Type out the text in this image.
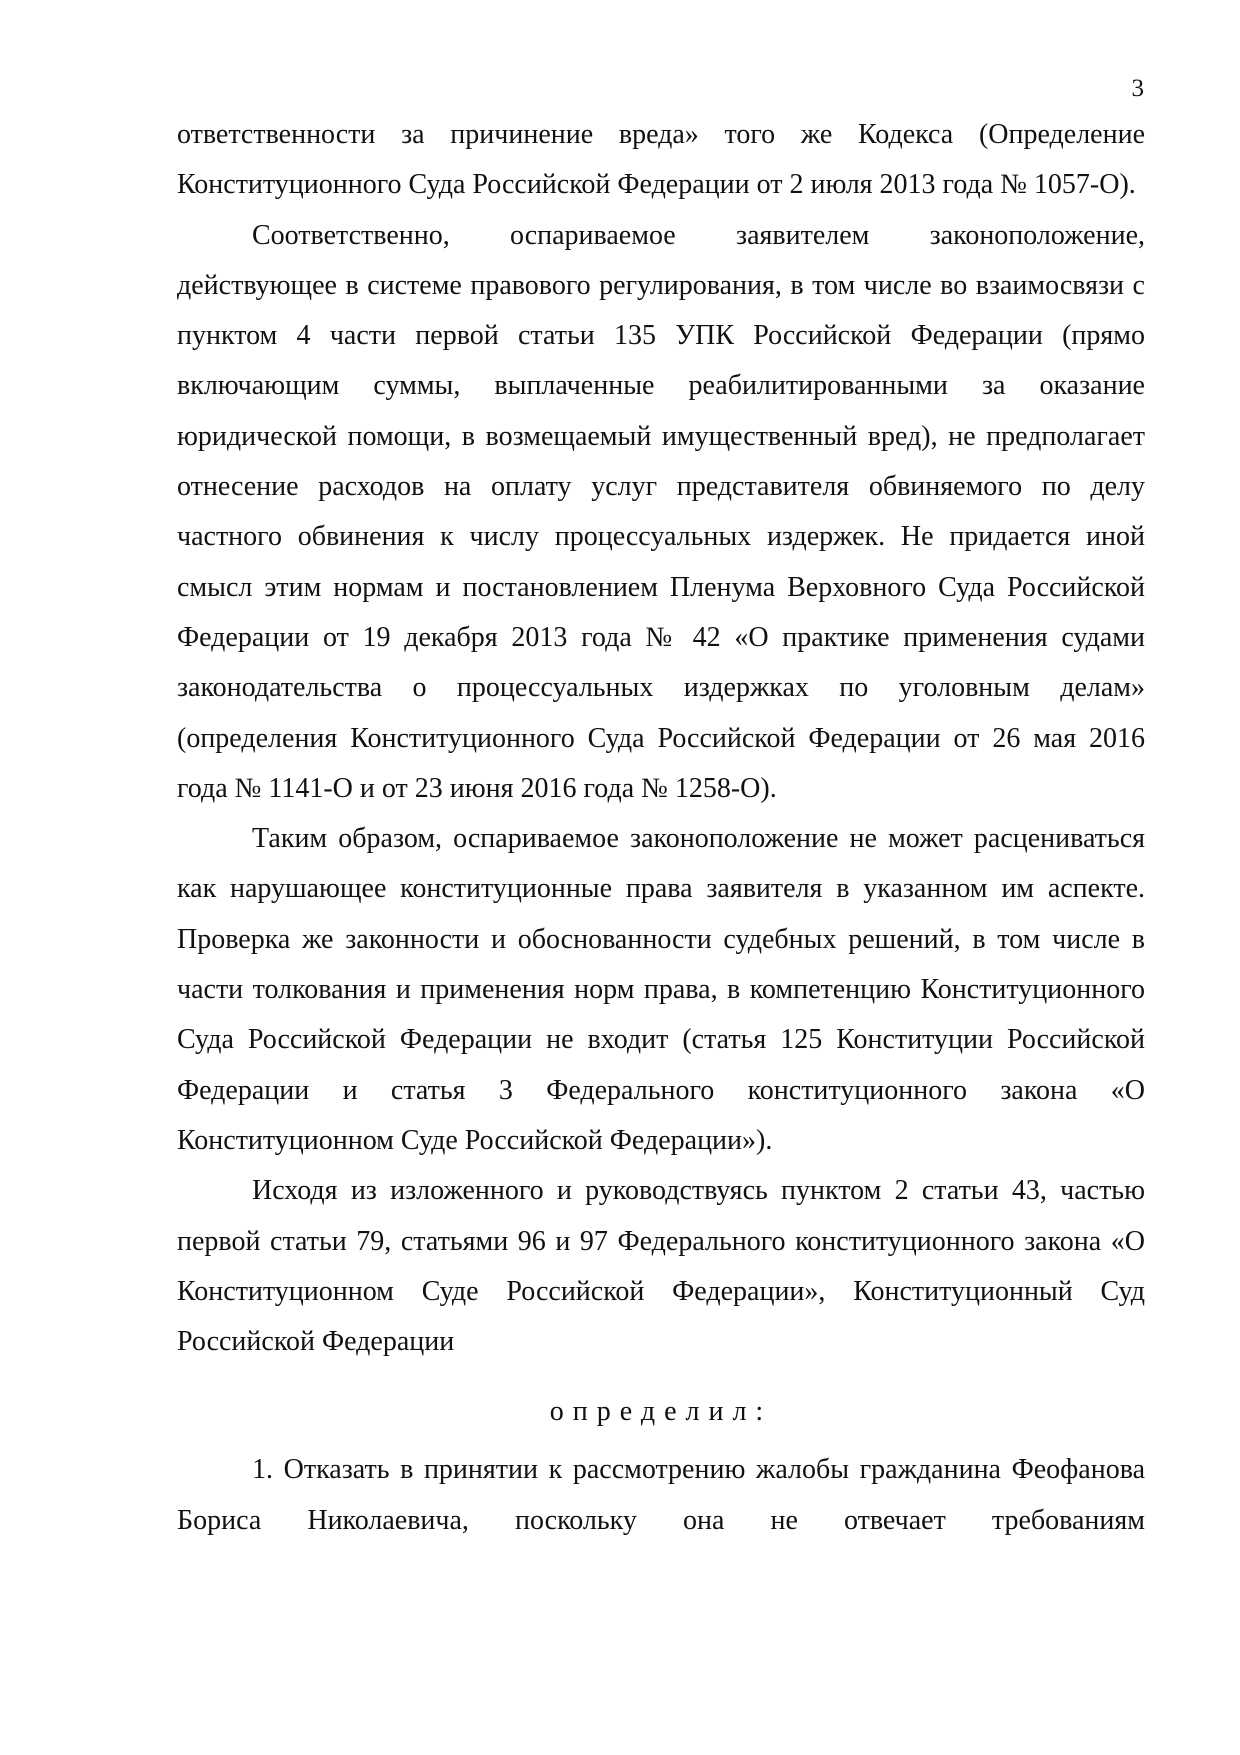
3

ответственности за причинение вреда» того же Кодекса (Определение Конституционного Суда Российской Федерации от 2 июля 2013 года № 1057-О).

Соответственно, оспариваемое заявителем законоположение, действующее в системе правового регулирования, в том числе во взаимосвязи с пунктом 4 части первой статьи 135 УПК Российской Федерации (прямо включающим суммы, выплаченные реабилитированными за оказание юридической помощи, в возмещаемый имущественный вред), не предполагает отнесение расходов на оплату услуг представителя обвиняемого по делу частного обвинения к числу процессуальных издержек. Не придается иной смысл этим нормам и постановлением Пленума Верховного Суда Российской Федерации от 19 декабря 2013 года № 42 «О практике применения судами законодательства о процессуальных издержках по уголовным делам» (определения Конституционного Суда Российской Федерации от 26 мая 2016 года № 1141-О и от 23 июня 2016 года № 1258-О).

Таким образом, оспариваемое законоположение не может расцениваться как нарушающее конституционные права заявителя в указанном им аспекте. Проверка же законности и обоснованности судебных решений, в том числе в части толкования и применения норм права, в компетенцию Конституционного Суда Российской Федерации не входит (статья 125 Конституции Российской Федерации и статья 3 Федерального конституционного закона «О Конституционном Суде Российской Федерации»).

Исходя из изложенного и руководствуясь пунктом 2 статьи 43, частью первой статьи 79, статьями 96 и 97 Федерального конституционного закона «О Конституционном Суде Российской Федерации», Конституционный Суд Российской Федерации

определил:

1. Отказать в принятии к рассмотрению жалобы гражданина Феофанова Бориса Николаевича, поскольку она не отвечает требованиям
